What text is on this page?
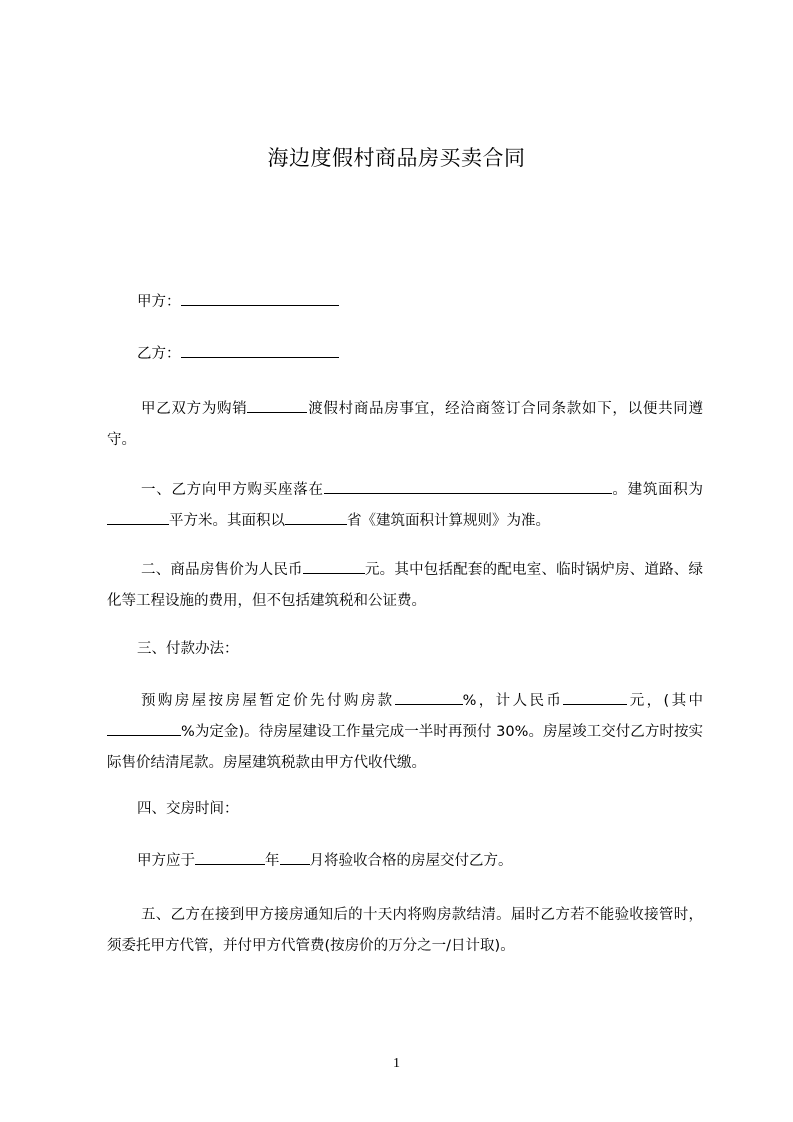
海边度假村商品房买卖合同
甲方：
乙方：
甲乙双方为购销	渡假村商品房事宜，经洽商签订合同条款如下，以便共同遵守。
一、乙方向甲方购买座落在	。建筑面积为平方米。其面积以	省《建筑面积计算规则》为准。
二、商品房售价为人民币	元。其中包括配套的配电室、临时锅炉房、道路、绿化等工程设施的费用，但不包括建筑税和公证费。
三、付款办法：
预购房屋按房屋暂定价先付购房款	%，计人民币	元，(其中%为定金)。待房屋建设工作量完成一半时再预付 30%。房屋竣工交付乙方时按实际售价结清尾款。房屋建筑税款由甲方代收代缴。
四、交房时间：
甲方应于	年 月将验收合格的房屋交付乙方。
五、乙方在接到甲方接房通知后的十天内将购房款结清。届时乙方若不能验收接管时，须委托甲方代管，并付甲方代管费(按房价的万分之一/日计取)。
1
